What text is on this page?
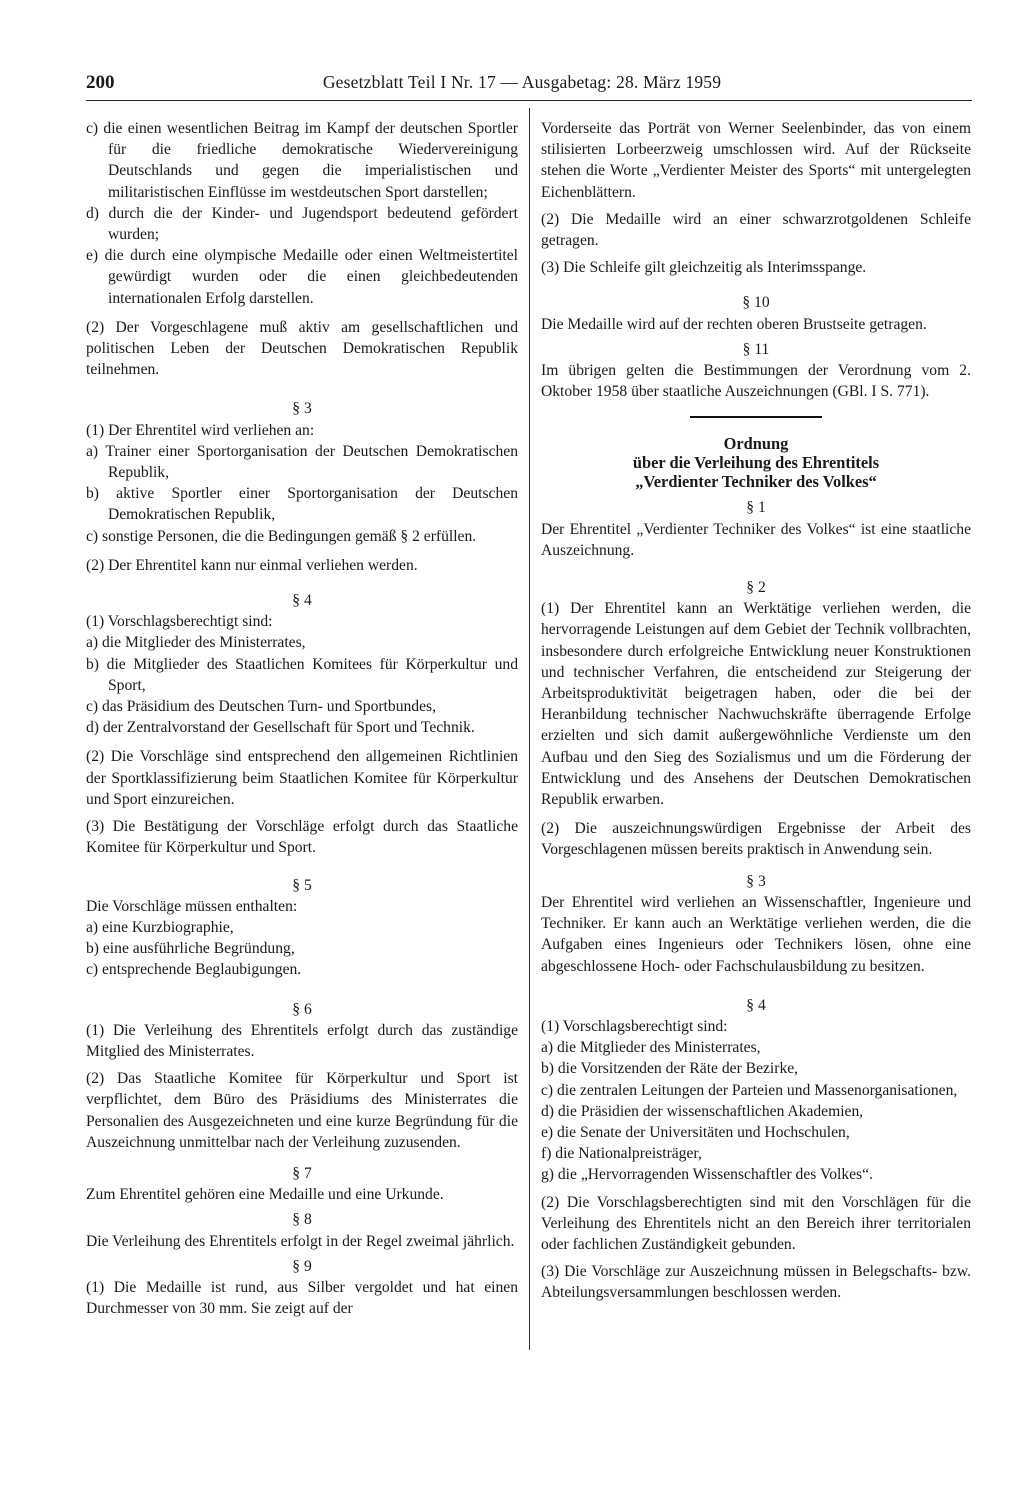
200	Gesetzblatt Teil I Nr. 17 — Ausgabetag: 28. März 1959

c) die einen wesentlichen Beitrag im Kampf der deutschen Sportler für die friedliche demokratische Wiedervereinigung Deutschlands und gegen die imperialistischen und militaristischen Einflüsse im westdeutschen Sport darstellen;

d) durch die der Kinder- und Jugendsport bedeutend gefördert wurden;

e) die durch eine olympische Medaille oder einen Weltmeistertitel gewürdigt wurden oder die einen gleichbedeutenden internationalen Erfolg darstellen.

(2) Der Vorgeschlagene muß aktiv am gesellschaftlichen und politischen Leben der Deutschen Demokratischen Republik teilnehmen.

§ 3

(1) Der Ehrentitel wird verliehen an:

a) Trainer einer Sportorganisation der Deutschen Demokratischen Republik,

b) aktive Sportler einer Sportorganisation der Deutschen Demokratischen Republik,

c) sonstige Personen, die die Bedingungen gemäß § 2 erfüllen.

(2) Der Ehrentitel kann nur einmal verliehen werden.

§ 4

(1) Vorschlagsberechtigt sind:

a) die Mitglieder des Ministerrates,

b) die Mitglieder des Staatlichen Komitees für Körperkultur und Sport,

c) das Präsidium des Deutschen Turn- und Sportbundes,

d) der Zentralvorstand der Gesellschaft für Sport und Technik.

(2) Die Vorschläge sind entsprechend den allgemeinen Richtlinien der Sportklassifizierung beim Staatlichen Komitee für Körperkultur und Sport einzureichen.

(3) Die Bestätigung der Vorschläge erfolgt durch das Staatliche Komitee für Körperkultur und Sport.

§ 5

Die Vorschläge müssen enthalten:

a) eine Kurzbiographie,

b) eine ausführliche Begründung,

c) entsprechende Beglaubigungen.

§ 6

(1) Die Verleihung des Ehrentitels erfolgt durch das zuständige Mitglied des Ministerrates.

(2) Das Staatliche Komitee für Körperkultur und Sport ist verpflichtet, dem Büro des Präsidiums des Ministerrates die Personalien des Ausgezeichneten und eine kurze Begründung für die Auszeichnung unmittelbar nach der Verleihung zuzusenden.

§ 7

Zum Ehrentitel gehören eine Medaille und eine Urkunde.

§ 8

Die Verleihung des Ehrentitels erfolgt in der Regel zweimal jährlich.

§ 9

(1) Die Medaille ist rund, aus Silber vergoldet und hat einen Durchmesser von 30 mm. Sie zeigt auf der

Vorderseite das Porträt von Werner Seelenbinder, das von einem stilisierten Lorbeerzweig umschlossen wird. Auf der Rückseite stehen die Worte „Verdienter Meister des Sports“ mit untergelegten Eichenblättern.

(2) Die Medaille wird an einer schwarzrotgoldenen Schleife getragen.

(3) Die Schleife gilt gleichzeitig als Interimsspange.

§ 10

Die Medaille wird auf der rechten oberen Brustseite getragen.

§ 11

Im übrigen gelten die Bestimmungen der Verordnung vom 2. Oktober 1958 über staatliche Auszeichnungen (GBl. I S. 771).

Ordnung

über die Verleihung des Ehrentitels

„Verdienter Techniker des Volkes“

§ 1

Der Ehrentitel „Verdienter Techniker des Volkes“ ist eine staatliche Auszeichnung.

§ 2

(1) Der Ehrentitel kann an Werktätige verliehen werden, die hervorragende Leistungen auf dem Gebiet der Technik vollbrachten, insbesondere durch erfolgreiche Entwicklung neuer Konstruktionen und technischer Verfahren, die entscheidend zur Steigerung der Arbeitsproduktivität beigetragen haben, oder die bei der Heranbildung technischer Nachwuchskräfte überragende Erfolge erzielten und sich damit außergewöhnliche Verdienste um den Aufbau und den Sieg des Sozialismus und um die Förderung der Entwicklung und des Ansehens der Deutschen Demokratischen Republik erwarben.

(2) Die auszeichnungswürdigen Ergebnisse der Arbeit des Vorgeschlagenen müssen bereits praktisch in Anwendung sein.

§ 3

Der Ehrentitel wird verliehen an Wissenschaftler, Ingenieure und Techniker. Er kann auch an Werktätige verliehen werden, die die Aufgaben eines Ingenieurs oder Technikers lösen, ohne eine abgeschlossene Hoch- oder Fachschulausbildung zu besitzen.

§ 4

(1) Vorschlagsberechtigt sind:

a) die Mitglieder des Ministerrates,

b) die Vorsitzenden der Räte der Bezirke,

c) die zentralen Leitungen der Parteien und Massenorganisationen,

d) die Präsidien der wissenschaftlichen Akademien,

e) die Senate der Universitäten und Hochschulen,

f) die Nationalpreisträger,

g) die „Hervorragenden Wissenschaftler des Volkes“.

(2) Die Vorschlagsberechtigten sind mit den Vorschlägen für die Verleihung des Ehrentitels nicht an den Bereich ihrer territorialen oder fachlichen Zuständigkeit gebunden.

(3) Die Vorschläge zur Auszeichnung müssen in Belegschafts- bzw. Abteilungsversammlungen beschlossen werden.
